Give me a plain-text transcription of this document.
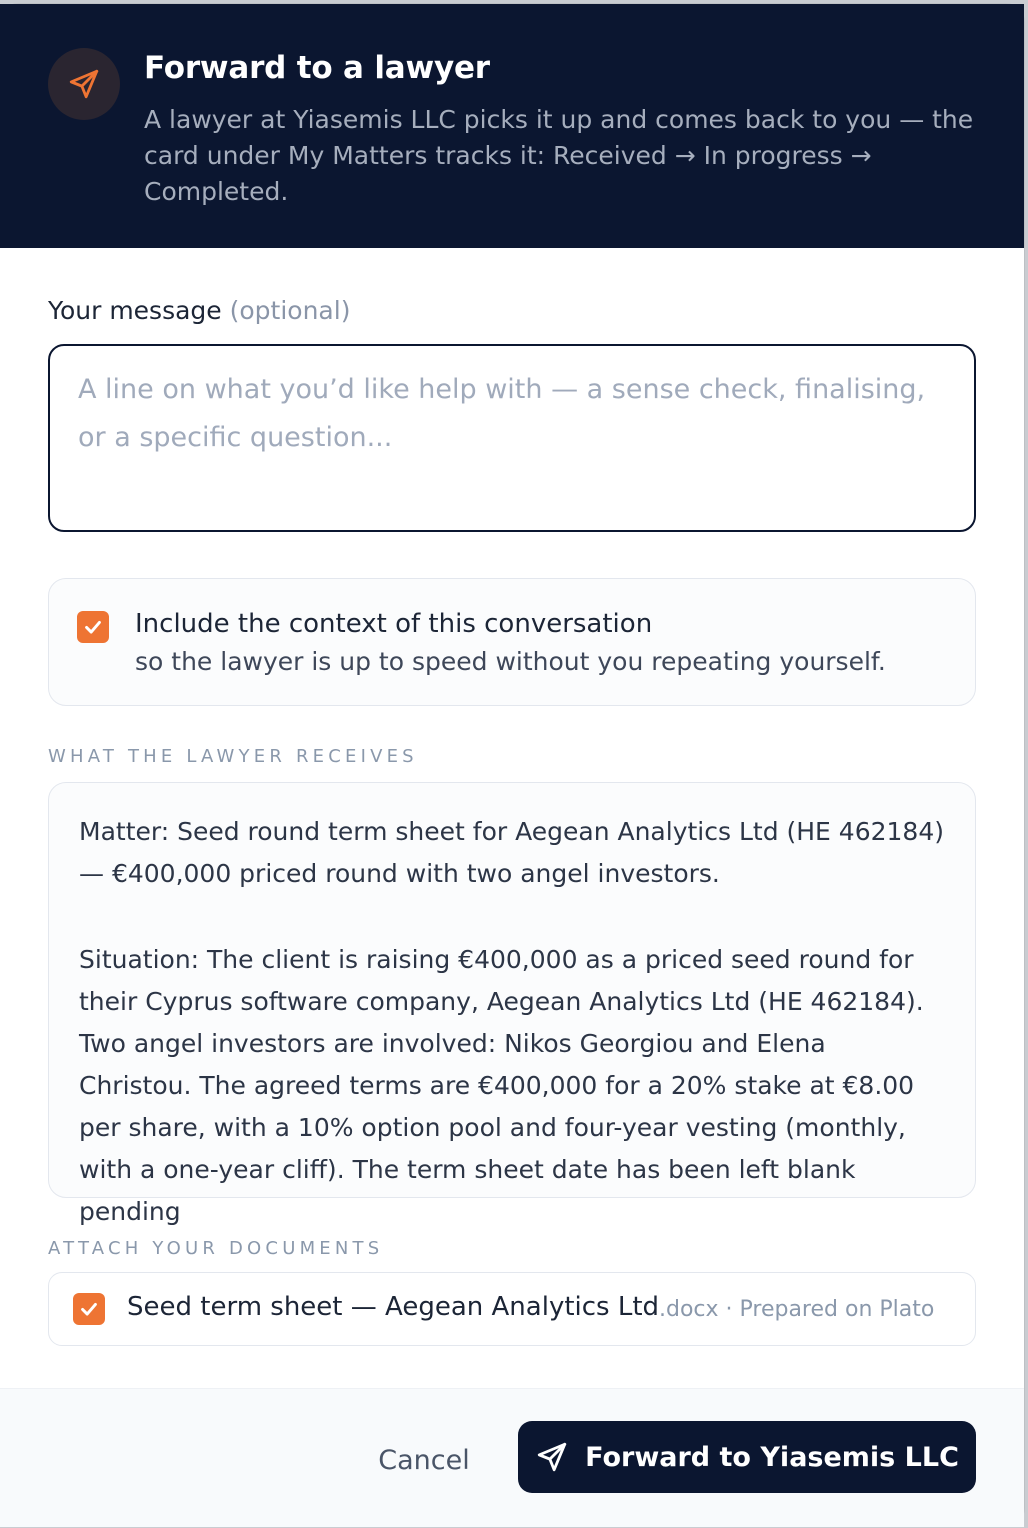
Forward to a lawyer
A lawyer at Yiasemis LLC picks it up and comes back to you — the card under My Matters tracks it: Received → In progress → Completed.
Your message (optional)
A line on what you’d like help with — a sense check, finalising, or a specific question...
Include the context of this conversation
so the lawyer is up to speed without you repeating yourself.
WHAT THE LAWYER RECEIVES

Matter: Seed round term sheet for Aegean Analytics Ltd (HE 462184) — €400,000 priced round with two angel investors.

Situation: The client is raising €400,000 as a priced seed round for their Cyprus software company, Aegean Analytics Ltd (HE 462184). Two angel investors are involved: Nikos Georgiou and Elena Christou. The agreed terms are €400,000 for a 20% stake at €8.00 per share, with a 10% option pool and four-year vesting (monthly, with a one-year cliff). The term sheet date has been left blank pending

ATTACH YOUR DOCUMENTS
Seed term sheet — Aegean Analytics Ltd .docx · Prepared on Plato
Cancel	Forward to Yiasemis LLC
